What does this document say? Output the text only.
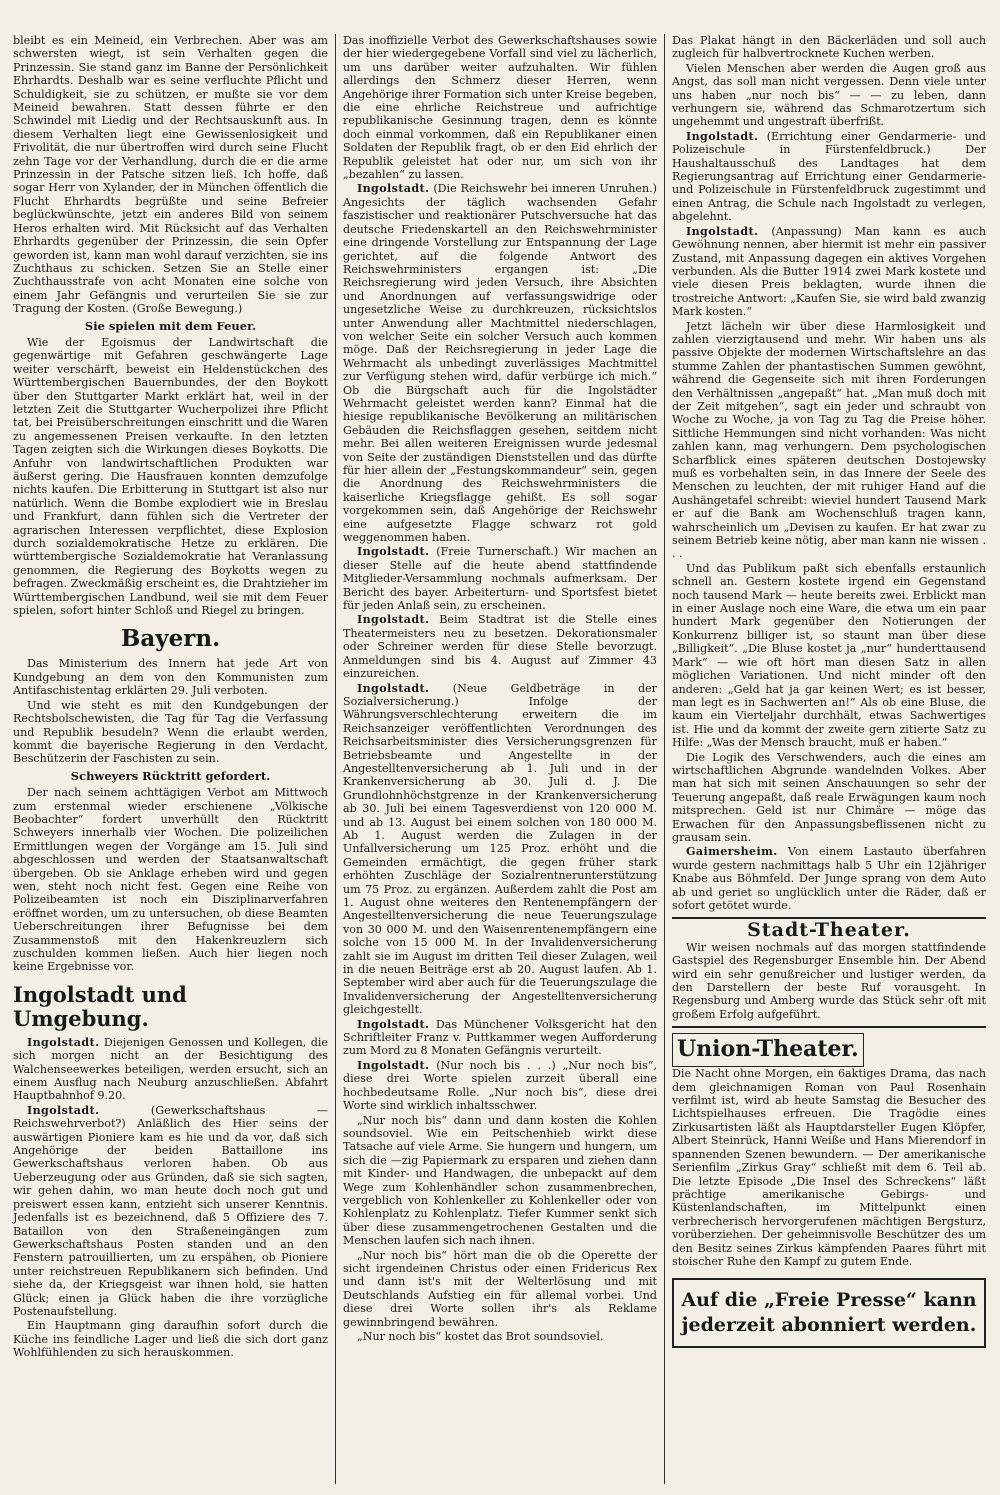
bleibt es ein Meineid, ein Verbrechen. Aber was am schwersten wiegt, ist sein Verhalten gegen die Prinzessin. Sie stand ganz im Banne der Persönlichkeit Ehrhardts. Deshalb war es seine verfluchte Pflicht und Schuldigkeit, sie zu schützen, er mußte sie vor dem Meineid bewahren. Statt dessen führte er den Schwindel mit Liedig und der Rechtsauskunft aus. In diesem Verhalten liegt eine Gewissenlosigkeit und Frivolität, die nur übertroffen wird durch seine Flucht zehn Tage vor der Verhandlung, durch die er die arme Prinzessin in der Patsche sitzen ließ. Ich hoffe, daß sogar Herr von Xylander, der in München öffentlich die Flucht Ehrhardts begrüßte und seine Befreier beglückwünschte, jetzt ein anderes Bild von seinem Heros erhalten wird. Mit Rücksicht auf das Verhalten Ehrhardts gegenüber der Prinzessin, die sein Opfer geworden ist, kann man wohl darauf verzichten, sie ins Zuchthaus zu schicken. Setzen Sie an Stelle einer Zuchthausstrafe von acht Monaten eine solche von einem Jahr Gefängnis und verurteilen Sie sie zur Tragung der Kosten. (Große Bewegung.)

Sie spielen mit dem Feuer.

Wie der Egoismus der Landwirtschaft die gegenwärtige mit Gefahren geschwängerte Lage weiter verschärft, beweist ein Heldenstückchen des Württembergischen Bauernbundes, der den Boykott über den Stuttgarter Markt erklärt hat, weil in der letzten Zeit die Stuttgarter Wucherpolizei ihre Pflicht tat, bei Preisüberschreitungen einschritt und die Waren zu angemessenen Preisen verkaufte. In den letzten Tagen zeigten sich die Wirkungen dieses Boykotts. Die Anfuhr von landwirtschaftlichen Produkten war äußerst gering. Die Hausfrauen konnten demzufolge nichts kaufen. Die Erbitterung in Stuttgart ist also nur natürlich. Wenn die Bombe explodiert wie in Breslau und Frankfurt, dann fühlen sich die Vertreter der agrarischen Interessen verpflichtet, diese Explosion durch sozialdemokratische Hetze zu erklären. Die württembergische Sozialdemokratie hat Veranlassung genommen, die Regierung des Boykotts wegen zu befragen. Zweckmäßig erscheint es, die Drahtzieher im Württembergischen Landbund, weil sie mit dem Feuer spielen, sofort hinter Schloß und Riegel zu bringen.

Bayern.

Das Ministerium des Innern hat jede Art von Kundgebung an dem von den Kommunisten zum Antifaschistentag erklärten 29. Juli verboten.

Und wie steht es mit den Kundgebungen der Rechtsbolschewisten, die Tag für Tag die Verfassung und Republik besudeln? Wenn die erlaubt werden, kommt die bayerische Regierung in den Verdacht, Beschützerin der Faschisten zu sein.

Schweyers Rücktritt gefordert.

Der nach seinem achttägigen Verbot am Mittwoch zum erstenmal wieder erschienene „Völkische Beobachter“ fordert unverhüllt den Rücktritt Schweyers innerhalb vier Wochen. Die polizeilichen Ermittlungen wegen der Vorgänge am 15. Juli sind abgeschlossen und werden der Staatsanwaltschaft übergeben. Ob sie Anklage erheben wird und gegen wen, steht noch nicht fest. Gegen eine Reihe von Polizeibeamten ist noch ein Disziplinarverfahren eröffnet worden, um zu untersuchen, ob diese Beamten Ueberschreitungen ihrer Befugnisse bei dem Zusammenstoß mit den Hakenkreuzlern sich zuschulden kommen ließen. Auch hier liegen noch keine Ergebnisse vor.

Ingolstadt und Umgebung.

Ingolstadt. Diejenigen Genossen und Kollegen, die sich morgen nicht an der Besichtigung des Walchenseewerkes beteiligen, werden ersucht, sich an einem Ausflug nach Neuburg anzuschließen. Abfahrt Hauptbahnhof 9.20.

Ingolstadt. (Gewerkschaftshaus — Reichswehrverbot?) Anläßlich des Hier seins der auswärtigen Pioniere kam es hie und da vor, daß sich Angehörige der beiden Battaillone ins Gewerkschaftshaus verloren haben. Ob aus Ueberzeugung oder aus Gründen, daß sie sich sagten, wir gehen dahin, wo man heute doch noch gut und preiswert essen kann, entzieht sich unserer Kenntnis. Jedenfalls ist es bezeichnend, daß 5 Offiziere des 7. Bataillon von den Straßeneingängen zum Gewerkschaftshaus Posten standen und an den Fenstern patrouillierten, um zu erspähen, ob Pioniere unter reichstreuen Republikanern sich befinden. Und siehe da, der Kriegsgeist war ihnen hold, sie hatten Glück; einen ja Glück haben die ihre vorzügliche Postenaufstellung.

Ein Hauptmann ging daraufhin sofort durch die Küche ins feindliche Lager und ließ die sich dort ganz Wohlfühlenden zu sich herauskommen.

Das inoffizielle Verbot des Gewerkschaftshauses sowie der hier wiedergegebene Vorfall sind viel zu lächerlich, um uns darüber weiter aufzuhalten. Wir fühlen allerdings den Schmerz dieser Herren, wenn Angehörige ihrer Formation sich unter Kreise begeben, die eine ehrliche Reichstreue und aufrichtige republikanische Gesinnung tragen, denn es könnte doch einmal vorkommen, daß ein Republikaner einen Soldaten der Republik fragt, ob er den Eid ehrlich der Republik geleistet hat oder nur, um sich von ihr „bezahlen“ zu lassen.

Ingolstadt. (Die Reichswehr bei inneren Unruhen.) Angesichts der täglich wachsenden Gefahr faszistischer und reaktionärer Putschversuche hat das deutsche Friedenskartell an den Reichswehrminister eine dringende Vorstellung zur Entspannung der Lage gerichtet, auf die folgende Antwort des Reichswehrministers ergangen ist: „Die Reichsregierung wird jeden Versuch, ihre Absichten und Anordnungen auf verfassungswidrige oder ungesetzliche Weise zu durchkreuzen, rücksichtslos unter Anwendung aller Machtmittel niederschlagen, von welcher Seite ein solcher Versuch auch kommen möge. Daß der Reichsregierung in jeder Lage die Wehrmacht als unbedingt zuverlässiges Machtmittel zur Verfügung stehen wird, dafür verbürge ich mich.“ Ob die Bürgschaft auch für die Ingolstädter Wehrmacht geleistet werden kann? Einmal hat die hiesige republikanische Bevölkerung an militärischen Gebäuden die Reichsflaggen gesehen, seitdem nicht mehr. Bei allen weiteren Ereignissen wurde jedesmal von Seite der zuständigen Dienststellen und das dürfte für hier allein der „Festungskommandeur“ sein, gegen die Anordnung des Reichswehrministers die kaiserliche Kriegsflagge gehißt. Es soll sogar vorgekommen sein, daß Angehörige der Reichswehr eine aufgesetzte Flagge schwarz rot gold weggenommen haben.

Ingolstadt. (Freie Turnerschaft.) Wir machen an dieser Stelle auf die heute abend stattfindende Mitglieder-Versammlung nochmals aufmerksam. Der Bericht des bayer. Arbeiterturn- und Sportsfest bietet für jeden Anlaß sein, zu erscheinen.

Ingolstadt. Beim Stadtrat ist die Stelle eines Theatermeisters neu zu besetzen. Dekorationsmaler oder Schreiner werden für diese Stelle bevorzugt. Anmeldungen sind bis 4. August auf Zimmer 43 einzureichen.

Ingolstadt. (Neue Geldbeträge in der Sozialversicherung.) Infolge der Währungsverschlechterung erweitern die im Reichsanzeiger veröffentlichten Verordnungen des Reichsarbeitsminister dies Versicherungsgrenzen für Betriebsbeamte und Angestellte in der Angestelltenversicherung ab 1. Juli und in der Krankenversicherung ab 30. Juli d. J. Die Grundlohnhöchstgrenze in der Krankenversicherung ab 30. Juli bei einem Tagesverdienst von 120 000 M. und ab 13. August bei einem solchen von 180 000 M. Ab 1. August werden die Zulagen in der Unfallversicherung um 125 Proz. erhöht und die Gemeinden ermächtigt, die gegen früher stark erhöhten Zuschläge der Sozialrentnerunterstützung um 75 Proz. zu ergänzen. Außerdem zahlt die Post am 1. August ohne weiteres den Rentenempfängern der Angestelltenversicherung die neue Teuerungszulage von 30 000 M. und den Waisenrentenempfängern eine solche von 15 000 M. In der Invalidenversicherung zahlt sie im August im dritten Teil dieser Zulagen, weil in die neuen Beiträge erst ab 20. August laufen. Ab 1. September wird aber auch für die Teuerungszulage die Invalidenversicherung der Angestelltenversicherung gleichgestellt.

Ingolstadt. Das Münchener Volksgericht hat den Schriftleiter Franz v. Puttkammer wegen Aufforderung zum Mord zu 8 Monaten Gefängnis verurteilt.

Ingolstadt. (Nur noch bis . . .) „Nur noch bis“, diese drei Worte spielen zurzeit überall eine hochbedeutsame Rolle. „Nur noch bis“, diese drei Worte sind wirklich inhaltsschwer.

„Nur noch bis“ dann und dann kosten die Kohlen soundsoviel. Wie ein Peitschenhieb wirkt diese Tatsache auf viele Arme. Sie hungern und hungern, um sich die —zig Papiermark zu ersparen und ziehen dann mit Kinder- und Handwagen, die unbepackt auf dem Wege zum Kohlenhändler schon zusammenbrechen, vergeblich von Kohlenkeller zu Kohlenkeller oder von Kohlenplatz zu Kohlenplatz. Tiefer Kummer senkt sich über diese zusammengetrochenen Gestalten und die Menschen laufen sich nach ihnen.

„Nur noch bis“ hört man die ob die Operette der sicht irgendeinen Christus oder einen Fridericus Rex und dann ist's mit der Welterlösung und mit Deutschlands Aufstieg ein für allemal vorbei. Und diese drei Worte sollen ihr's als Reklame gewinnbringend bewähren.

„Nur noch bis“ kostet das Brot soundsoviel.

Das Plakat hängt in den Bäckerläden und soll auch zugleich für halbvertrocknete Kuchen werben.

Vielen Menschen aber werden die Augen groß aus Angst, das soll man nicht vergessen. Denn viele unter uns haben „nur noch bis“ — — zu leben, dann verhungern sie, während das Schmarotzertum sich ungehemmt und ungestraft überfrißt.

Ingolstadt. (Errichtung einer Gendarmerie- und Polizeischule in Fürstenfeldbruck.) Der Haushaltausschuß des Landtages hat dem Regierungsantrag auf Errichtung einer Gendarmerie- und Polizeischule in Fürstenfeldbruck zugestimmt und einen Antrag, die Schule nach Ingolstadt zu verlegen, abgelehnt.

Ingolstadt. (Anpassung) Man kann es auch Gewöhnung nennen, aber hiermit ist mehr ein passiver Zustand, mit Anpassung dagegen ein aktives Vorgehen verbunden. Als die Butter 1914 zwei Mark kostete und viele diesen Preis beklagten, wurde ihnen die trostreiche Antwort: „Kaufen Sie, sie wird bald zwanzig Mark kosten.“

Jetzt lächeln wir über diese Harmlosigkeit und zahlen vierzigtausend und mehr. Wir haben uns als passive Objekte der modernen Wirtschaftslehre an das stumme Zahlen der phantastischen Summen gewöhnt, während die Gegenseite sich mit ihren Forderungen den Verhältnissen „angepaßt“ hat. „Man muß doch mit der Zeit mitgehen“, sagt ein jeder und schraubt von Woche zu Woche, ja von Tag zu Tag die Preise höher. Sittliche Hemmungen sind nicht vorhanden: Was nicht zahlen kann, mag verhungern. Dem psychologischen Scharfblick eines späteren deutschen Dostojewsky muß es vorbehalten sein, in das Innere der Seele des Menschen zu leuchten, der mit ruhiger Hand auf die Aushängetafel schreibt: wieviel hundert Tausend Mark er auf die Bank am Wochenschluß tragen kann, wahrscheinlich um „Devisen zu kaufen. Er hat zwar zu seinem Betrieb keine nötig, aber man kann nie wissen . . .

Und das Publikum paßt sich ebenfalls erstaunlich schnell an. Gestern kostete irgend ein Gegenstand noch tausend Mark — heute bereits zwei. Erblickt man in einer Auslage noch eine Ware, die etwa um ein paar hundert Mark gegenüber den Notierungen der Konkurrenz billiger ist, so staunt man über diese „Billigkeit“. „Die Bluse kostet ja „nur“ hunderttausend Mark“ — wie oft hört man diesen Satz in allen möglichen Variationen. Und nicht minder oft den anderen: „Geld hat ja gar keinen Wert; es ist besser, man legt es in Sachwerten an!“ Als ob eine Bluse, die kaum ein Vierteljahr durchhält, etwas Sachwertiges ist. Hie und da kommt der zweite gern zitierte Satz zu Hilfe: „Was der Mensch braucht, muß er haben.“

Die Logik des Verschwenders, auch die eines am wirtschaftlichen Abgrunde wandelnden Volkes. Aber man hat sich mit seinen Anschauungen so sehr der Teuerung angepaßt, daß reale Erwägungen kaum noch mitsprechen. Geld ist nur Chimäre — möge das Erwachen für den Anpassungsbeflissenen nicht zu grausam sein.

Gaimersheim. Von einem Lastauto überfahren wurde gestern nachmittags halb 5 Uhr ein 12jähriger Knabe aus Böhmfeld. Der Junge sprang von dem Auto ab und geriet so unglücklich unter die Räder, daß er sofort getötet wurde.

Stadt-Theater.

Wir weisen nochmals auf das morgen stattfindende Gastspiel des Regensburger Ensemble hin. Der Abend wird ein sehr genußreicher und lustiger werden, da den Darstellern der beste Ruf vorausgeht. In Regensburg und Amberg wurde das Stück sehr oft mit großem Erfolg aufgeführt.

Union-Theater.

Die Nacht ohne Morgen, ein 6aktiges Drama, das nach dem gleichnamigen Roman von Paul Rosenhain verfilmt ist, wird ab heute Samstag die Besucher des Lichtspielhauses erfreuen. Die Tragödie eines Zirkusartisten läßt als Hauptdarsteller Eugen Klöpfer, Albert Steinrück, Hanni Weiße und Hans Mierendorf in spannenden Szenen bewundern. — Der amerikanische Serienfilm „Zirkus Gray“ schließt mit dem 6. Teil ab. Die letzte Episode „Die Insel des Schreckens“ läßt prächtige amerikanische Gebirgs- und Küstenlandschaften, im Mittelpunkt einen verbrecherisch hervorgerufenen mächtigen Bergsturz, vorüberziehen. Der geheimnisvolle Beschützer des um den Besitz seines Zirkus kämpfenden Paares führt mit stoischer Ruhe den Kampf zu gutem Ende.

Auf die „Freie Presse“ kann
jederzeit abonniert werden.
